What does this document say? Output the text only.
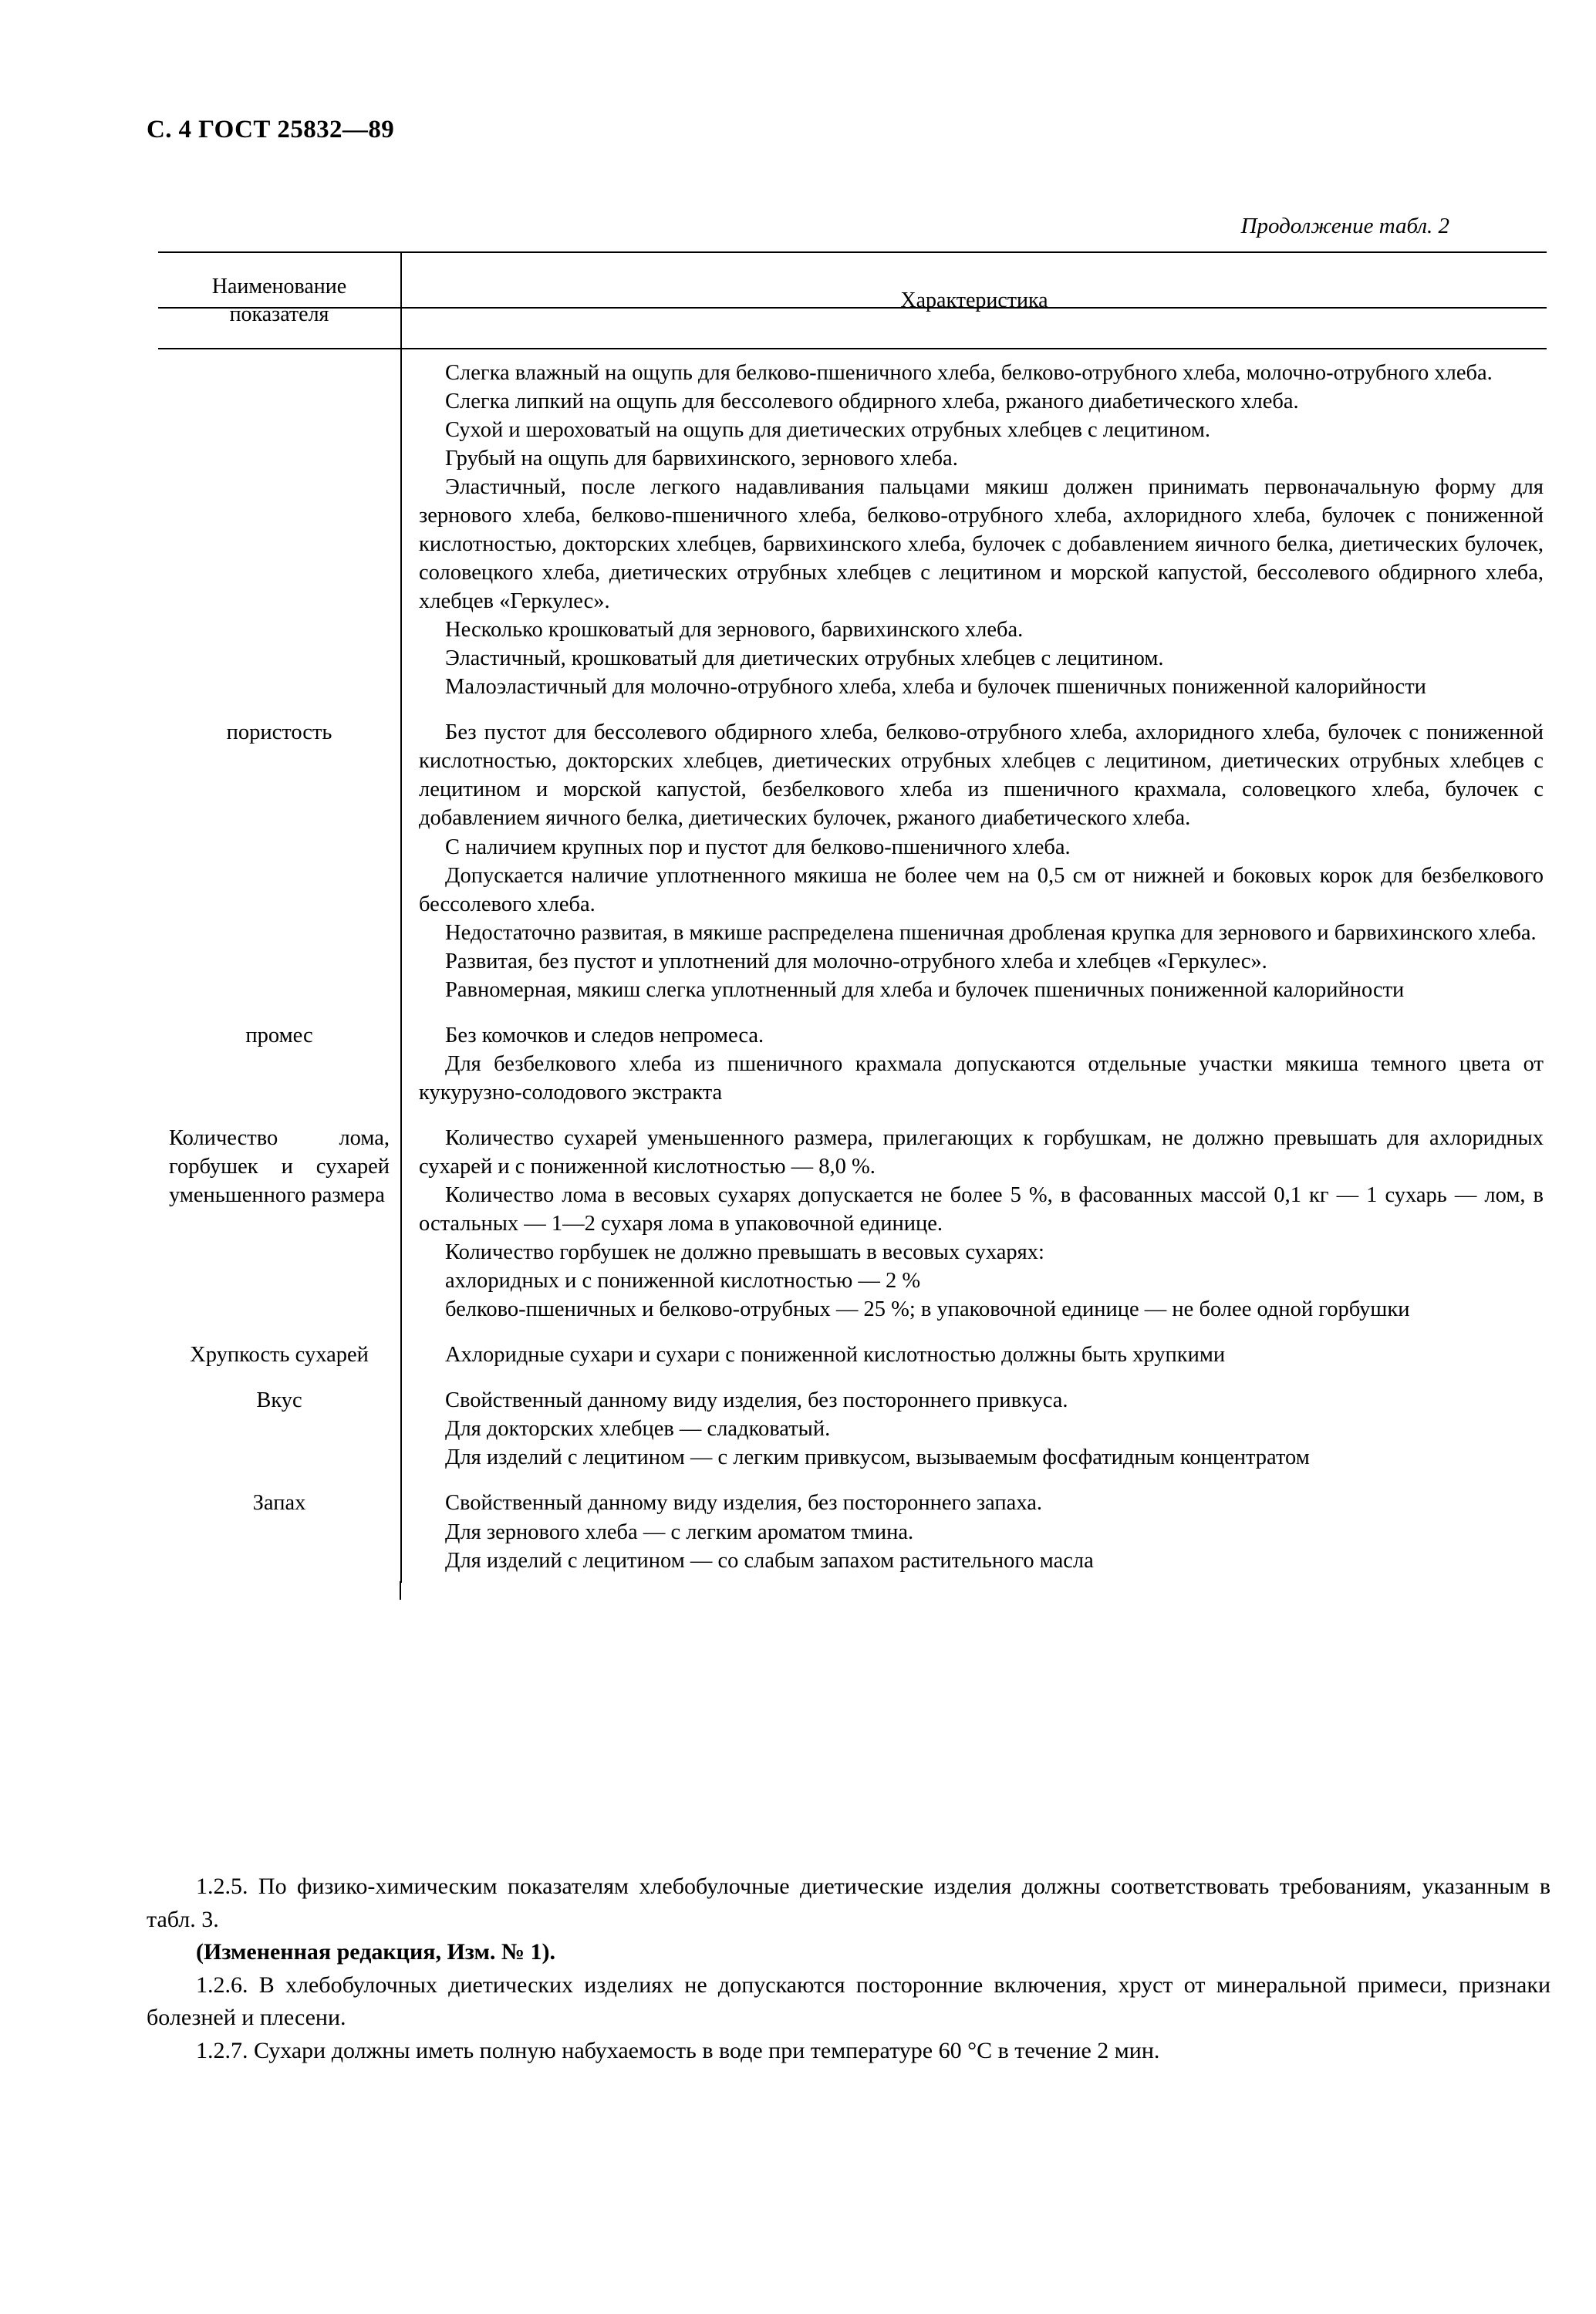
С. 4 ГОСТ 25832—89
Продолжение табл. 2
Наименование показателя	Характеристика	

Слегка влажный на ощупь для белково-пшеничного хлеба, белково-отрубного хлеба, молочно-отрубного хлеба.

Слегка липкий на ощупь для бессолевого обдирного хлеба, ржаного диабетического хлеба.

Сухой и шероховатый на ощупь для диетических отрубных хлебцев с лецитином.

Грубый на ощупь для барвихинского, зернового хлеба.

Эластичный, после легкого надавливания пальцами мякиш должен принимать первоначальную форму для зернового хлеба, белково-пшеничного хлеба, белково-отрубного хлеба, ахлоридного хлеба, булочек с пониженной кислотностью, докторских хлебцев, барвихинского хлеба, булочек с добавлением яичного белка, диетических булочек, соловецкого хлеба, диетических отрубных хлебцев с лецитином и морской капустой, бессолевого обдирного хлеба, хлебцев «Геркулес».

Несколько крошковатый для зернового, барвихинского хлеба.

Эластичный, крошковатый для диетических отрубных хлебцев с лецитином.

Малоэластичный для молочно-отрубного хлеба, хлеба и булочек пшеничных пониженной калорийности

пористость	Без пустот для бессолевого обдирного хлеба, белково-отрубного хлеба, ахлоридного хлеба, булочек с пониженной кислотностью, докторских хлебцев, диетических отрубных хлебцев с лецитином, диетических отрубных хлебцев с лецитином и морской капустой, безбелкового хлеба из пшеничного крахмала, соловецкого хлеба, булочек с добавлением яичного белка, диетических булочек, ржаного диабетического хлеба.

С наличием крупных пор и пустот для белково-пшеничного хлеба.

Допускается наличие уплотненного мякиша не более чем на 0,5 см от нижней и боковых корок для безбелкового бессолевого хлеба.

Недостаточно развитая, в мякише распределена пшеничная дробленая крупка для зернового и барвихинского хлеба.

Развитая, без пустот и уплотнений для молочно-отрубного хлеба и хлебцев «Геркулес».

Равномерная, мякиш слегка уплотненный для хлеба и булочек пшеничных пониженной калорийности

промес	Без комочков и следов непромеса.

Для безбелкового хлеба из пшеничного крахмала допускаются отдельные участки мякиша темного цвета от кукурузно-солодового экстракта

Количество лома, горбушек и сухарей уменьшенного размера	Количество сухарей уменьшенного размера, прилегающих к горбушкам, не должно превышать для ахлоридных сухарей и с пониженной кислотностью — 8,0 %.

Количество лома в весовых сухарях допускается не более 5 %, в фасованных массой 0,1 кг — 1 сухарь — лом, в остальных — 1—2 сухаря лома в упаковочной единице.

Количество горбушек не должно превышать в весовых сухарях:

ахлоридных и с пониженной кислотностью — 2 %

белково-пшеничных и белково-отрубных — 25 %; в упаковочной единице — не более одной горбушки

Хрупкость сухарей	Ахлоридные сухари и сухари с пониженной кислотностью должны быть хрупкими

Вкус	Свойственный данному виду изделия, без постороннего привкуса.

Для докторских хлебцев — сладковатый.

Для изделий с лецитином — с легким привкусом, вызываемым фосфатидным концентратом

Запах	Свойственный данному виду изделия, без постороннего запаха.

Для зернового хлеба — с легким ароматом тмина.

Для изделий с лецитином — со слабым запахом растительного масла

1.2.5. По физико-химическим показателям хлебобулочные диетические изделия должны соответствовать требованиям, указанным в табл. 3.

(Измененная редакция, Изм. № 1).

1.2.6. В хлебобулочных диетических изделиях не допускаются посторонние включения, хруст от минеральной примеси, признаки болезней и плесени.

1.2.7. Сухари должны иметь полную набухаемость в воде при температуре 60 °С в течение 2 мин.
